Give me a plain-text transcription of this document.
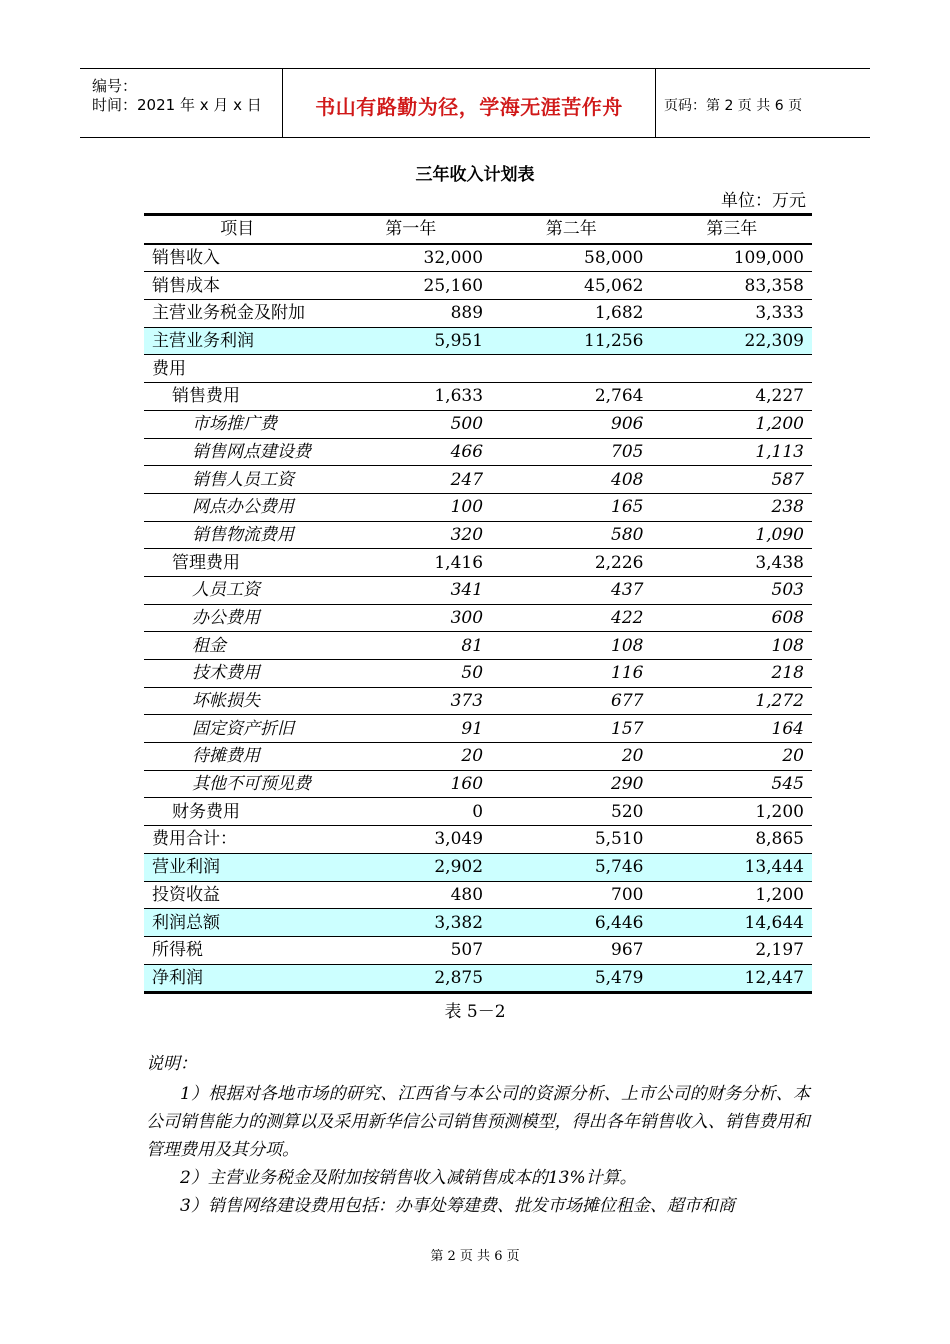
编号：
时间：2021 年 x 月 x 日	书山有路勤为径，学海无涯苦作舟	页码：第 2 页 共 6 页
三年收入计划表
单位：万元
项目	第一年	第二年	第三年
销售收入	32,000	58,000	109,000
销售成本	25,160	45,062	83,358
主营业务税金及附加	889	1,682	3,333
主营业务利润	5,951	11,256	22,309
费用			
销售费用	1,633	2,764	4,227
市场推广费	500	906	1,200
销售网点建设费	466	705	1,113
销售人员工资	247	408	587
网点办公费用	100	165	238
销售物流费用	320	580	1,090
管理费用	1,416	2,226	3,438
人员工资	341	437	503
办公费用	300	422	608
租金	81	108	108
技术费用	50	116	218
坏帐损失	373	677	1,272
固定资产折旧	91	157	164
待摊费用	20	20	20
其他不可预见费	160	290	545
财务费用	0	520	1,200
费用合计：	3,049	5,510	8,865
营业利润	2,902	5,746	13,444
投资收益	480	700	1,200
利润总额	3,382	6,446	14,644
所得税	507	967	2,197
净利润	2,875	5,479	12,447
表 5－2

说明：

1）根据对各地市场的研究、江西省与本公司的资源分析、上市公司的财务分析、本公司销售能力的测算以及采用新华信公司销售预测模型，得出各年销售收入、销售费用和管理费用及其分项。

2）主营业务税金及附加按销售收入减销售成本的13%计算。

3）销售网络建设费用包括：办事处筹建费、批发市场摊位租金、超市和商

第 2 页 共 6 页
